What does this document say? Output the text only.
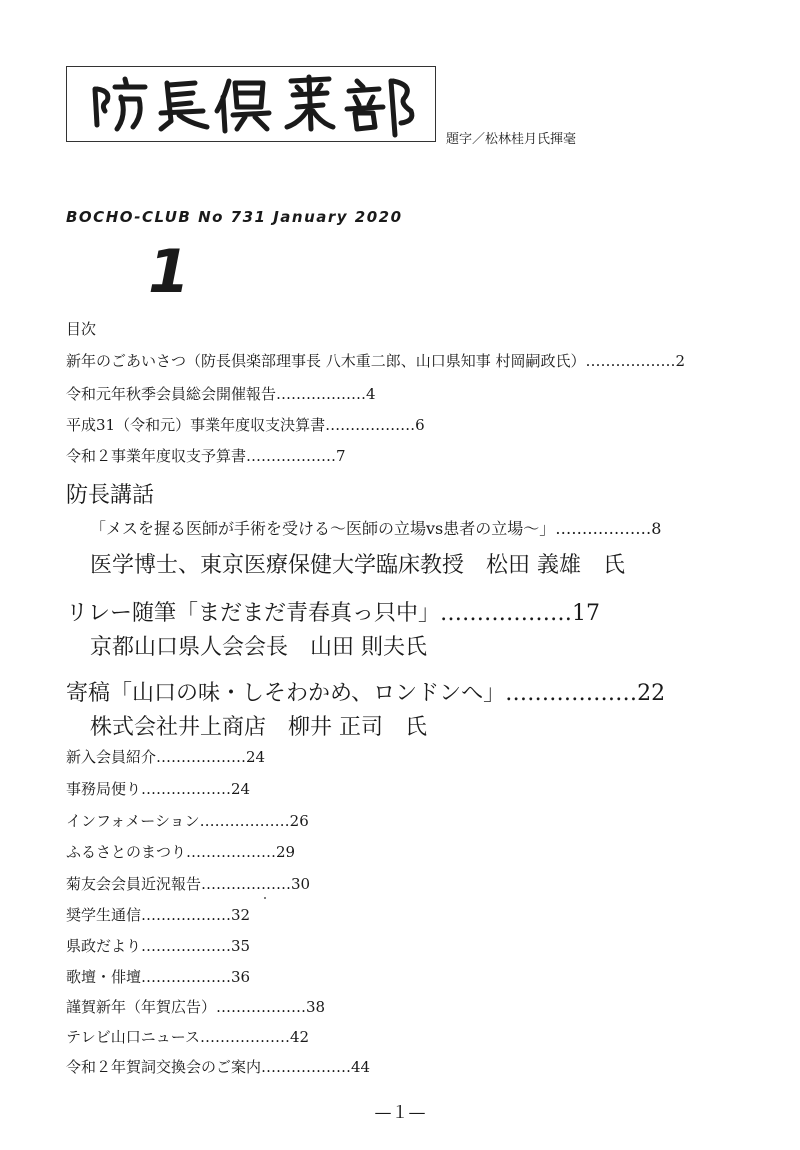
題字／松林桂月氏揮毫
BOCHO-CLUB No 731 January 2020
1
目次
新年のごあいさつ（防長倶楽部理事長 八木重二郎、山口県知事 村岡嗣政氏）………………2
令和元年秋季会員総会開催報告………………4
平成31（令和元）事業年度収支決算書………………6
令和２事業年度収支予算書………………7
防長講話
「メスを握る医師が手術を受ける～医師の立場vs患者の立場～」………………8
医学博士、東京医療保健大学臨床教授　松田 義雄　氏
リレー随筆「まだまだ青春真っ只中」………………17
京都山口県人会会長　山田 則夫氏
寄稿「山口の味・しそわかめ、ロンドンへ」………………22
株式会社井上商店　柳井 正司　氏
新入会員紹介………………24
事務局便り………………24
インフォメーション………………26
ふるさとのまつり………………29
菊友会会員近況報告………………30
奨学生通信………………32
県政だより………………35
歌壇・俳壇………………36
謹賀新年（年賀広告）………………38
テレビ山口ニュース………………42
令和２年賀詞交換会のご案内………………44
—１—
